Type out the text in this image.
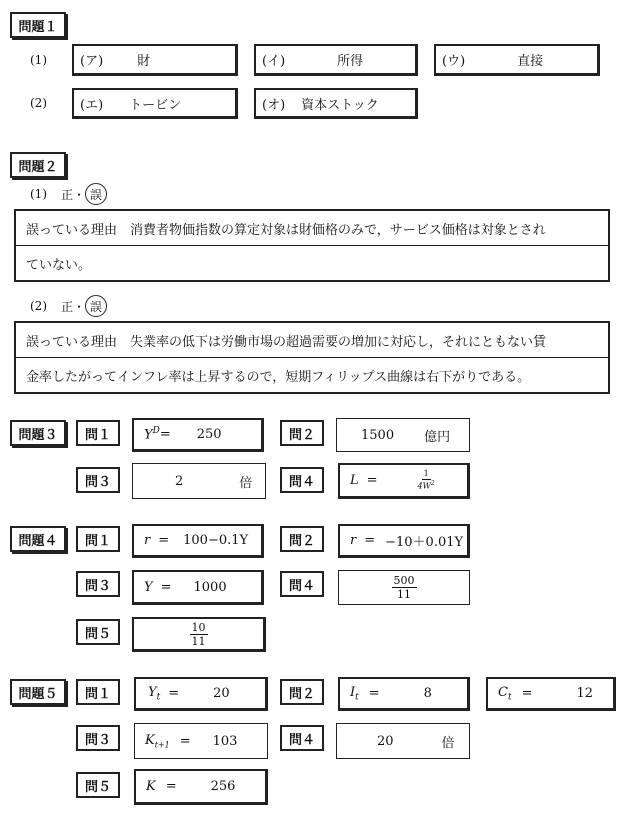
問題１
(1)	(ア)	財	(イ)	所得	(ウ)	直接
(2)	(エ) トービン	(オ) 資本ストック
問題２
(1) 正・ 誤
誤っている理由　消費者物価指数の算定対象は財価格のみで，サービス価格は対象とされ
ていない。
(2) 正・ 誤
誤っている理由　失業率の低下は労働市場の超過需要の増加に対応し，それにともない賃
金率したがってインフレ率は上昇するので，短期フィリップス曲線は右下がりである。
問題３ 問１	$Y^D = 250$	問２	1500 億円
問３	2	倍	問４	L =	$\frac{1}{4W^2}$
問題４ 問１	r = 100−0.1Y	問２	r = −10＋0.01Y
問３	Y = 1000	問４	$\frac{500}{11}$
問５	$\frac{10}{11}$
問題５ 問１	$Y_t$ =	20	問２	$I_t$ =	8	$C_t$ =	12
問３	$K_{t+1} = 103$	問４	20	倍
問５	K =	256
